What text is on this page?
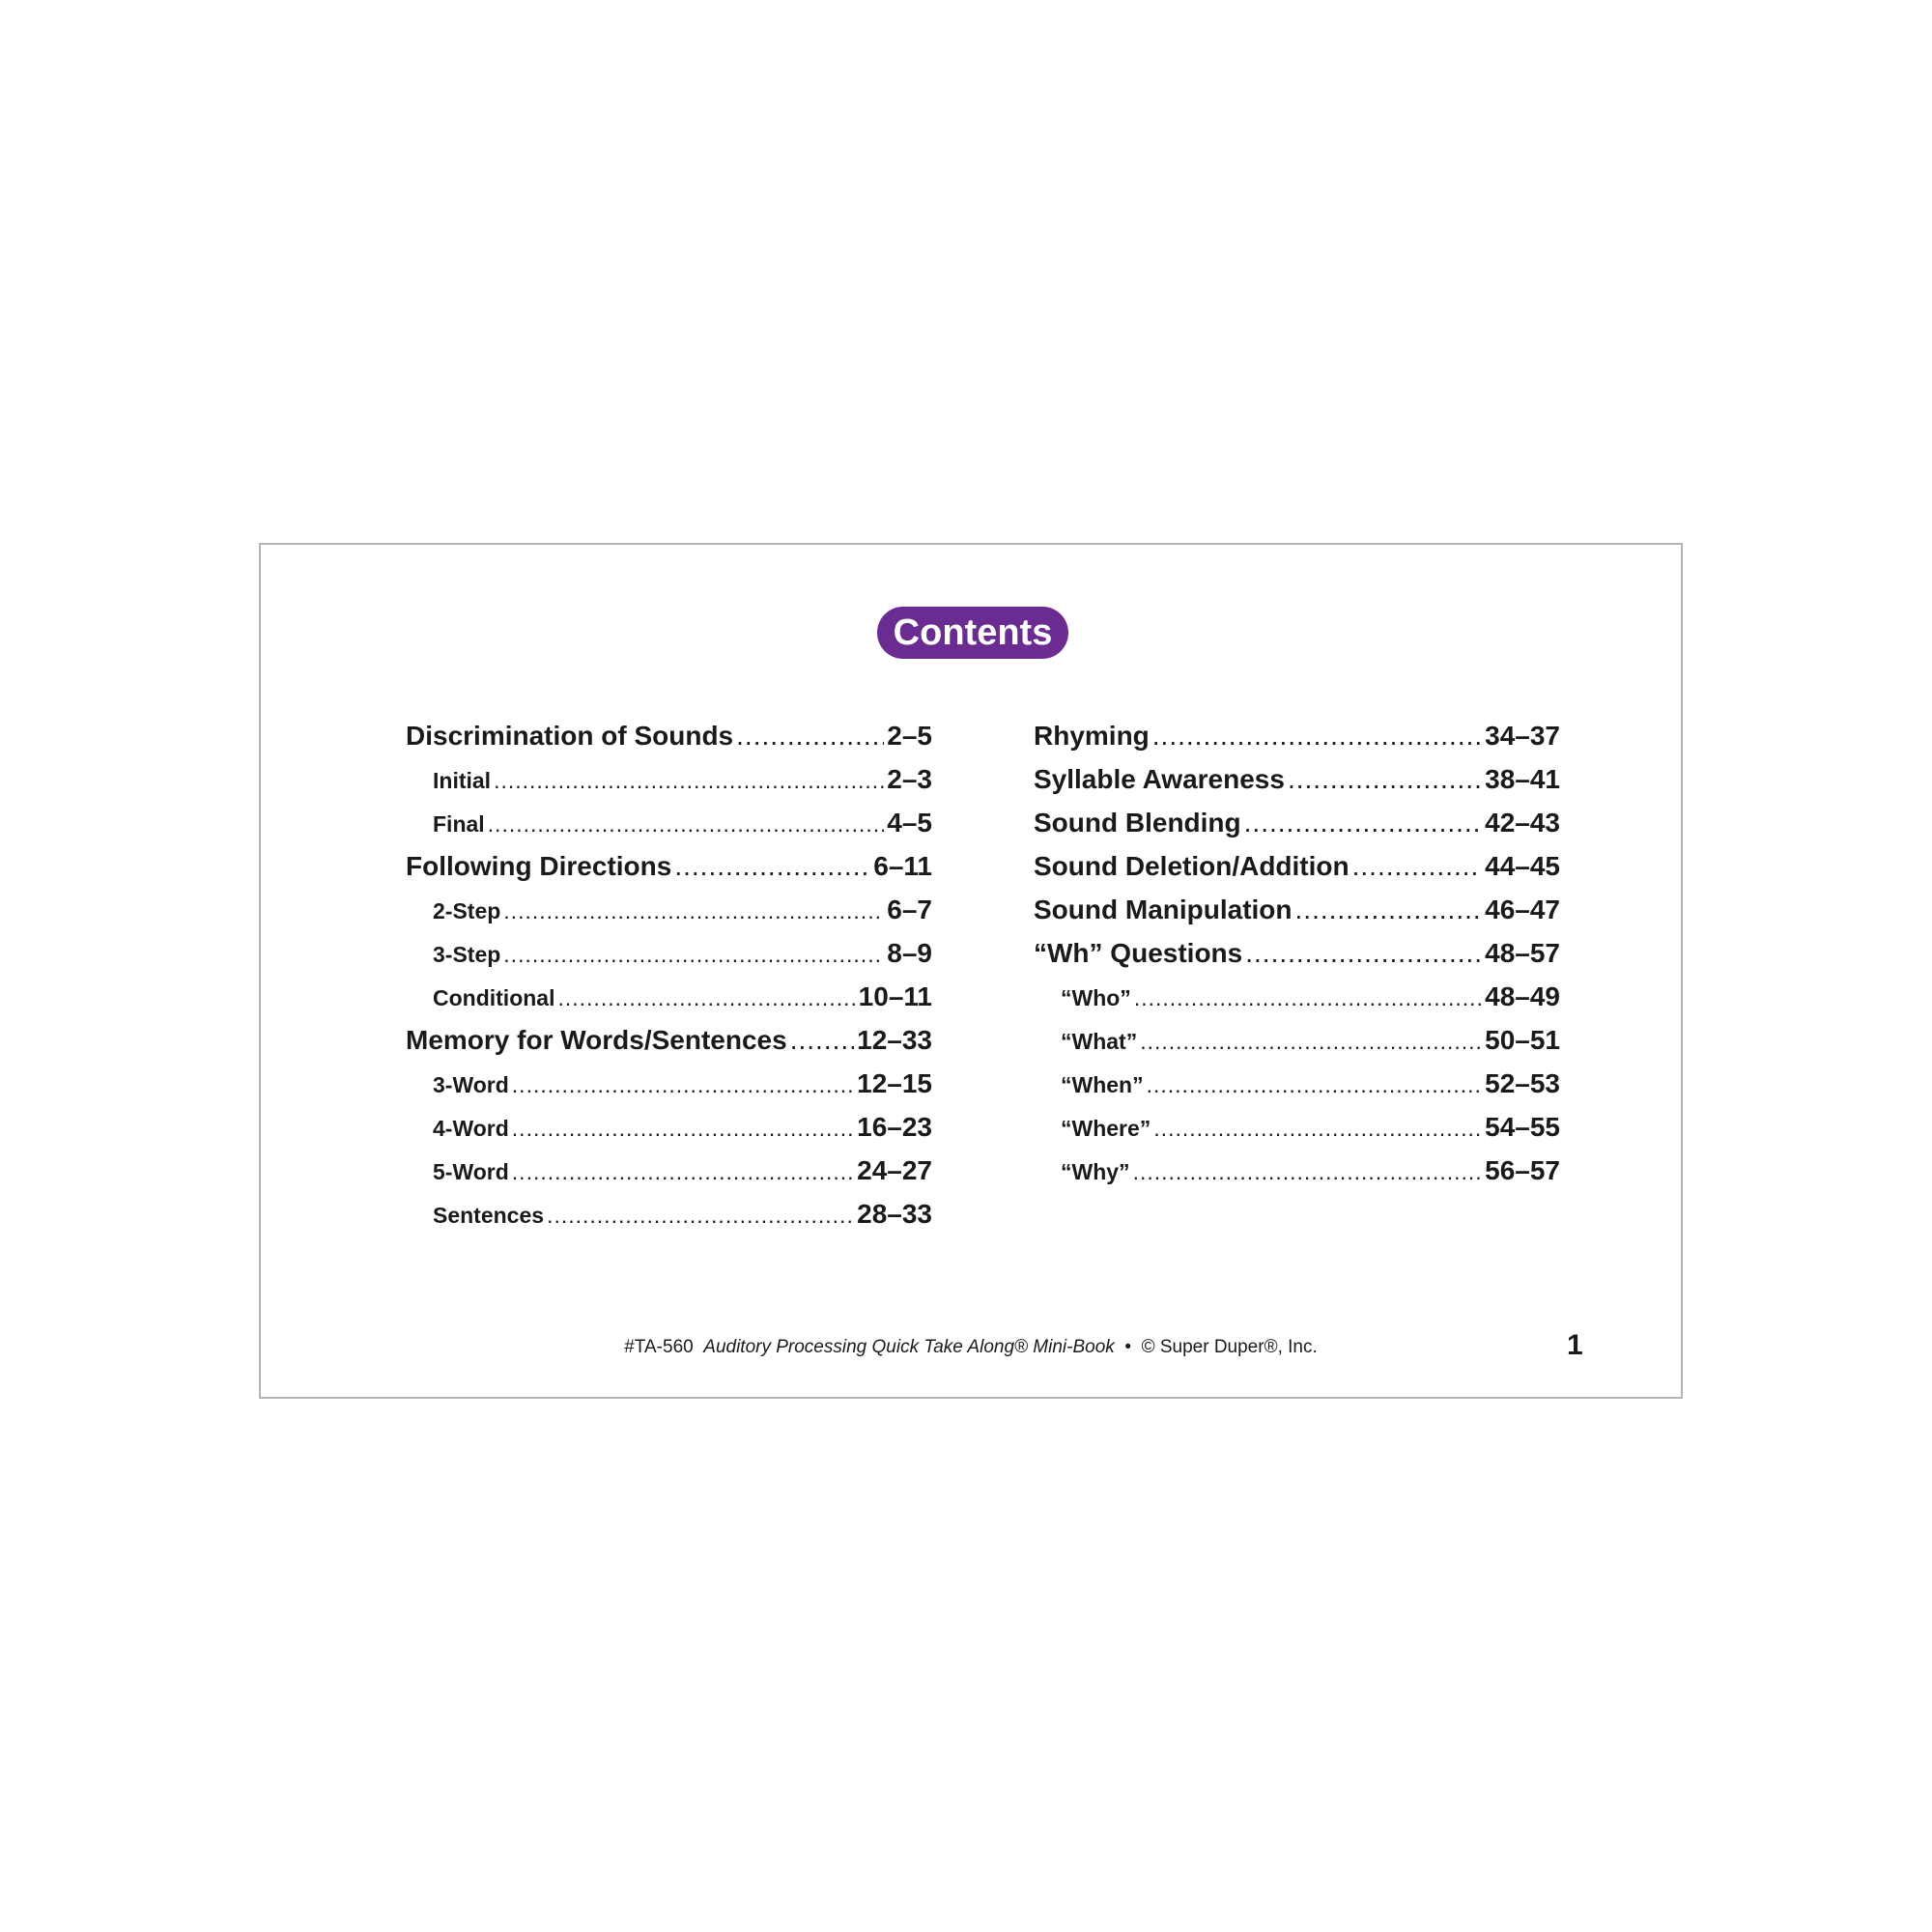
Contents
Discrimination of Sounds .....	2–5
Initial .....	2–3
Final .....	4–5
Following Directions .....	6–11
2-Step .....	6–7
3-Step .....	8–9
Conditional .....	10–11
Memory for Words/Sentences .....	12–33
3-Word .....	12–15
4-Word .....	16–23
5-Word .....	24–27
Sentences .....	28–33
Rhyming .....	34–37
Syllable Awareness .....	38–41
Sound Blending .....	42–43
Sound Deletion/Addition .....	44–45
Sound Manipulation .....	46–47
“Wh” Questions .....	48–57
“Who” .....	48–49
“What” .....	50–51
“When” .....	52–53
“Where” .....	54–55
“Why” .....	56–57
#TA-560 Auditory Processing Quick Take Along® Mini-Book • © Super Duper®, Inc.	1
